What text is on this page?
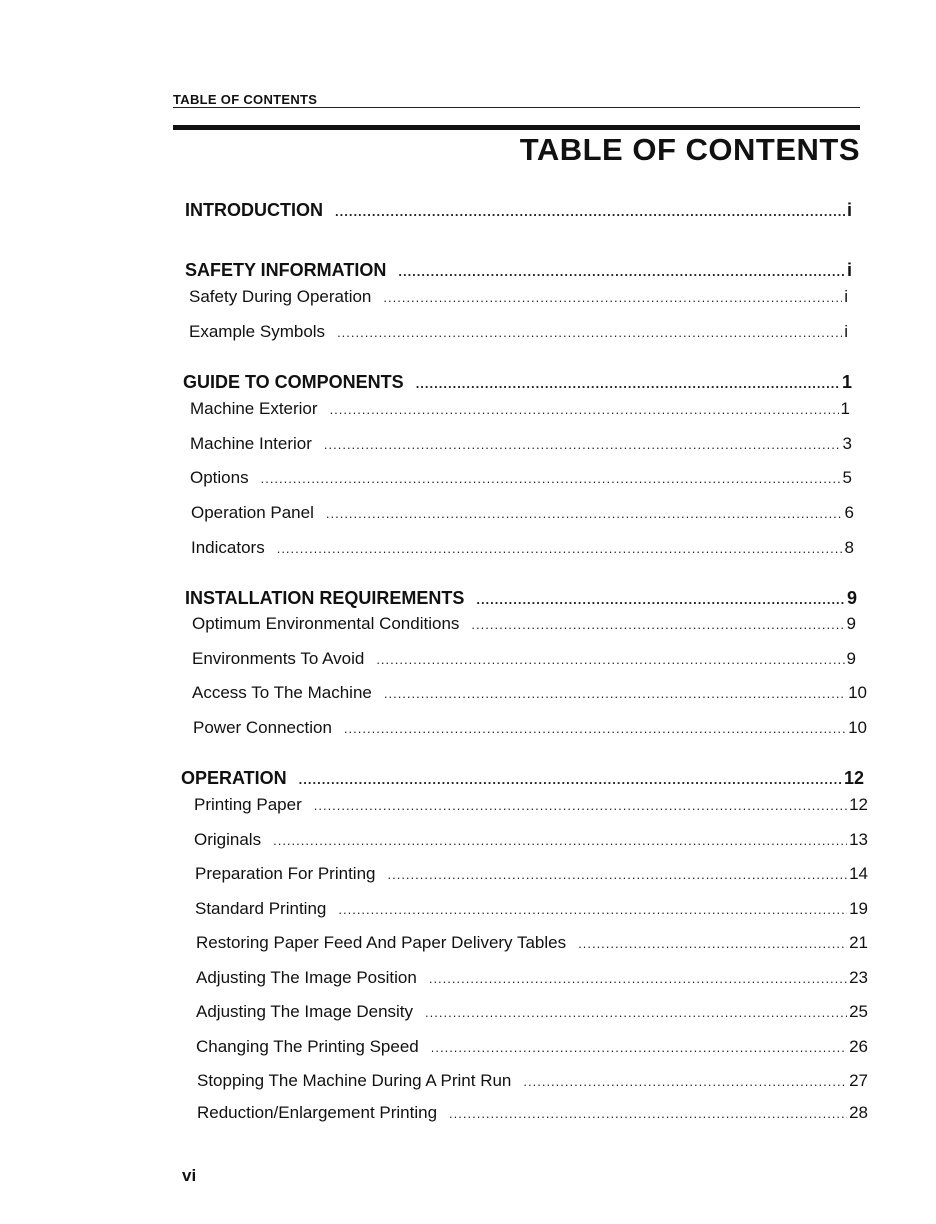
TABLE OF CONTENTS
TABLE OF CONTENTS
INTRODUCTION .....	i
SAFETY INFORMATION .....	i
Safety During Operation .....	i
Example Symbols .....	i
GUIDE TO COMPONENTS .....	1
Machine Exterior .....	1
Machine Interior .....	3
Options .....	5
Operation Panel .....	6
Indicators .....	8
INSTALLATION REQUIREMENTS .....	9
Optimum Environmental Conditions .....	9
Environments To Avoid .....	9
Access To The Machine .....	10
Power Connection .....	10
OPERATION .....	12
Printing Paper .....	12
Originals .....	13
Preparation For Printing .....	14
Standard Printing .....	19
Restoring Paper Feed And Paper Delivery Tables .....	21
Adjusting The Image Position .....	23
Adjusting The Image Density .....	25
Changing The Printing Speed .....	26
Stopping The Machine During A Print Run .....	27
Reduction/Enlargement Printing .....	28
vi
